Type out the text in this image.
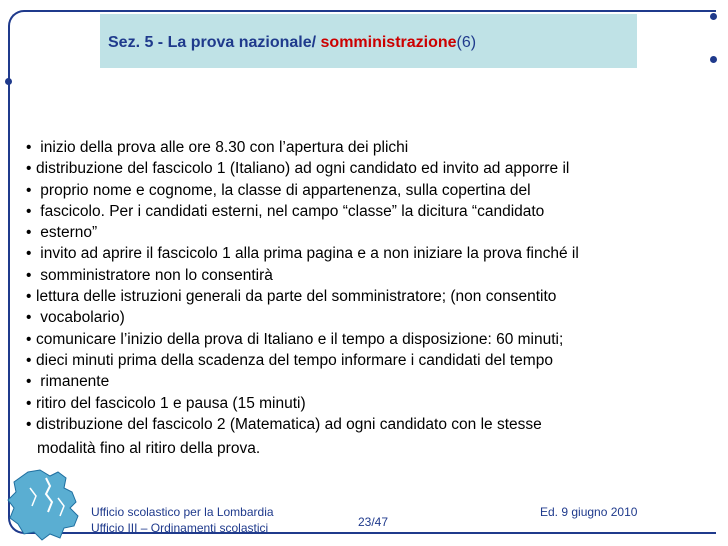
Sez. 5 - La prova nazionale/ somministrazione(6)
• inizio della prova alle ore 8.30 con l’apertura dei plichi
• distribuzione del fascicolo 1 (Italiano) ad ogni candidato ed invito ad apporre il
• proprio nome e cognome, la classe di appartenenza, sulla copertina del
• fascicolo. Per i candidati esterni, nel campo “classe” la dicitura “candidato
• esterno”
• invito ad aprire il fascicolo 1 alla prima pagina e a non iniziare la prova finché il
• somministratore non lo consentirà
• lettura delle istruzioni generali da parte del somministratore; (non consentito
• vocabolario)
• comunicare l’inizio della prova di Italiano e il tempo a disposizione: 60 minuti;
• dieci minuti prima della scadenza del tempo informare i candidati del tempo
• rimanente
• ritiro del fascicolo 1 e pausa (15 minuti)
• distribuzione del fascicolo 2 (Matematica) ad ogni candidato con le stesse
modalità fino al ritiro della prova.
Ufficio scolastico per la Lombardia
Ufficio III – Ordinamenti scolastici	23/47
Ed. 9 giugno 2010
